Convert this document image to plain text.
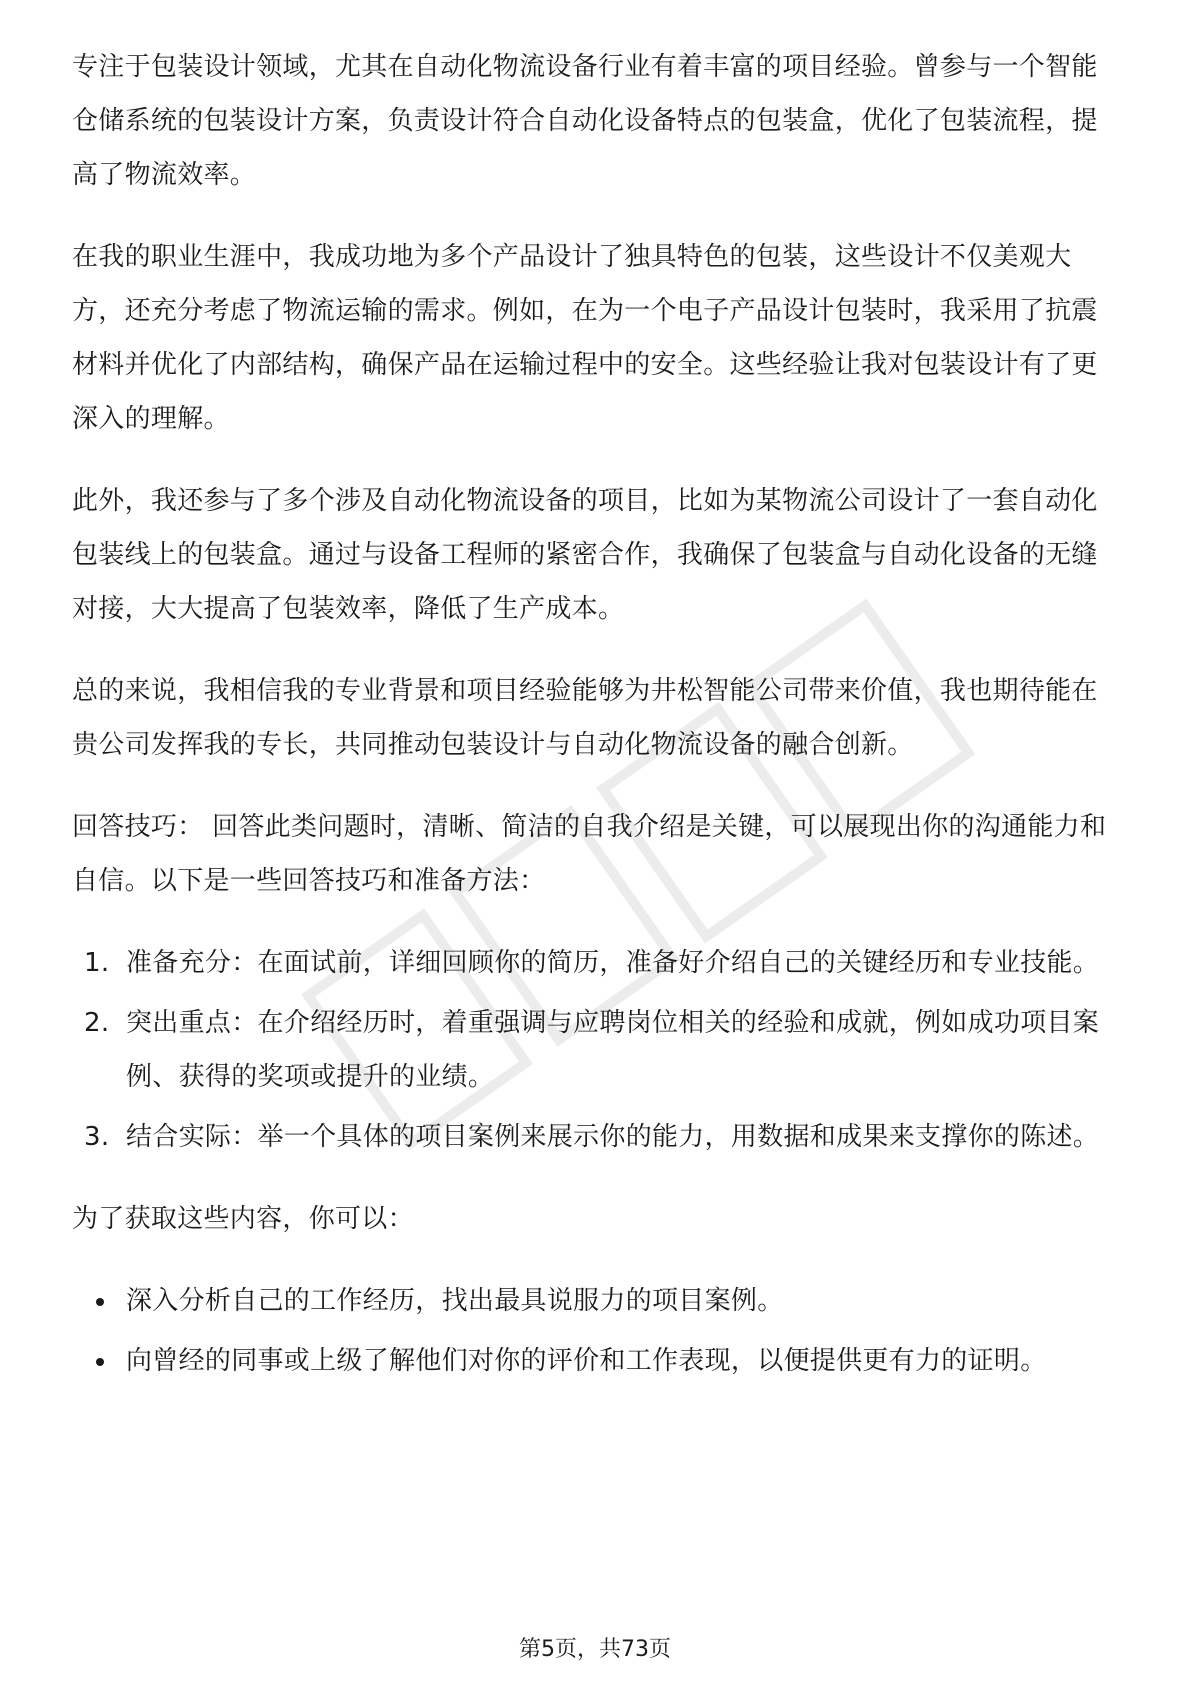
专注于包装设计领域，尤其在自动化物流设备行业有着丰富的项目经验。曾参与一个智能仓储系统的包装设计方案，负责设计符合自动化设备特点的包装盒，优化了包装流程，提高了物流效率。

在我的职业生涯中，我成功地为多个产品设计了独具特色的包装，这些设计不仅美观大方，还充分考虑了物流运输的需求。例如，在为一个电子产品设计包装时，我采用了抗震材料并优化了内部结构，确保产品在运输过程中的安全。这些经验让我对包装设计有了更深入的理解。

此外，我还参与了多个涉及自动化物流设备的项目，比如为某物流公司设计了一套自动化包装线上的包装盒。通过与设备工程师的紧密合作，我确保了包装盒与自动化设备的无缝对接，大大提高了包装效率，降低了生产成本。

总的来说，我相信我的专业背景和项目经验能够为井松智能公司带来价值，我也期待能在贵公司发挥我的专长，共同推动包装设计与自动化物流设备的融合创新。

回答技巧： 回答此类问题时，清晰、简洁的自我介绍是关键，可以展现出你的沟通能力和自信。以下是一些回答技巧和准备方法：

1. 准备充分：在面试前，详细回顾你的简历，准备好介绍自己的关键经历和专业技能。
2. 突出重点：在介绍经历时，着重强调与应聘岗位相关的经验和成就，例如成功项目案例、获得的奖项或提升的业绩。
3. 结合实际：举一个具体的项目案例来展示你的能力，用数据和成果来支撑你的陈述。

为了获取这些内容，你可以：

深入分析自己的工作经历，找出最具说服力的项目案例。
向曾经的同事或上级了解他们对你的评价和工作表现，以便提供更有力的证明。
第5页，共73页
